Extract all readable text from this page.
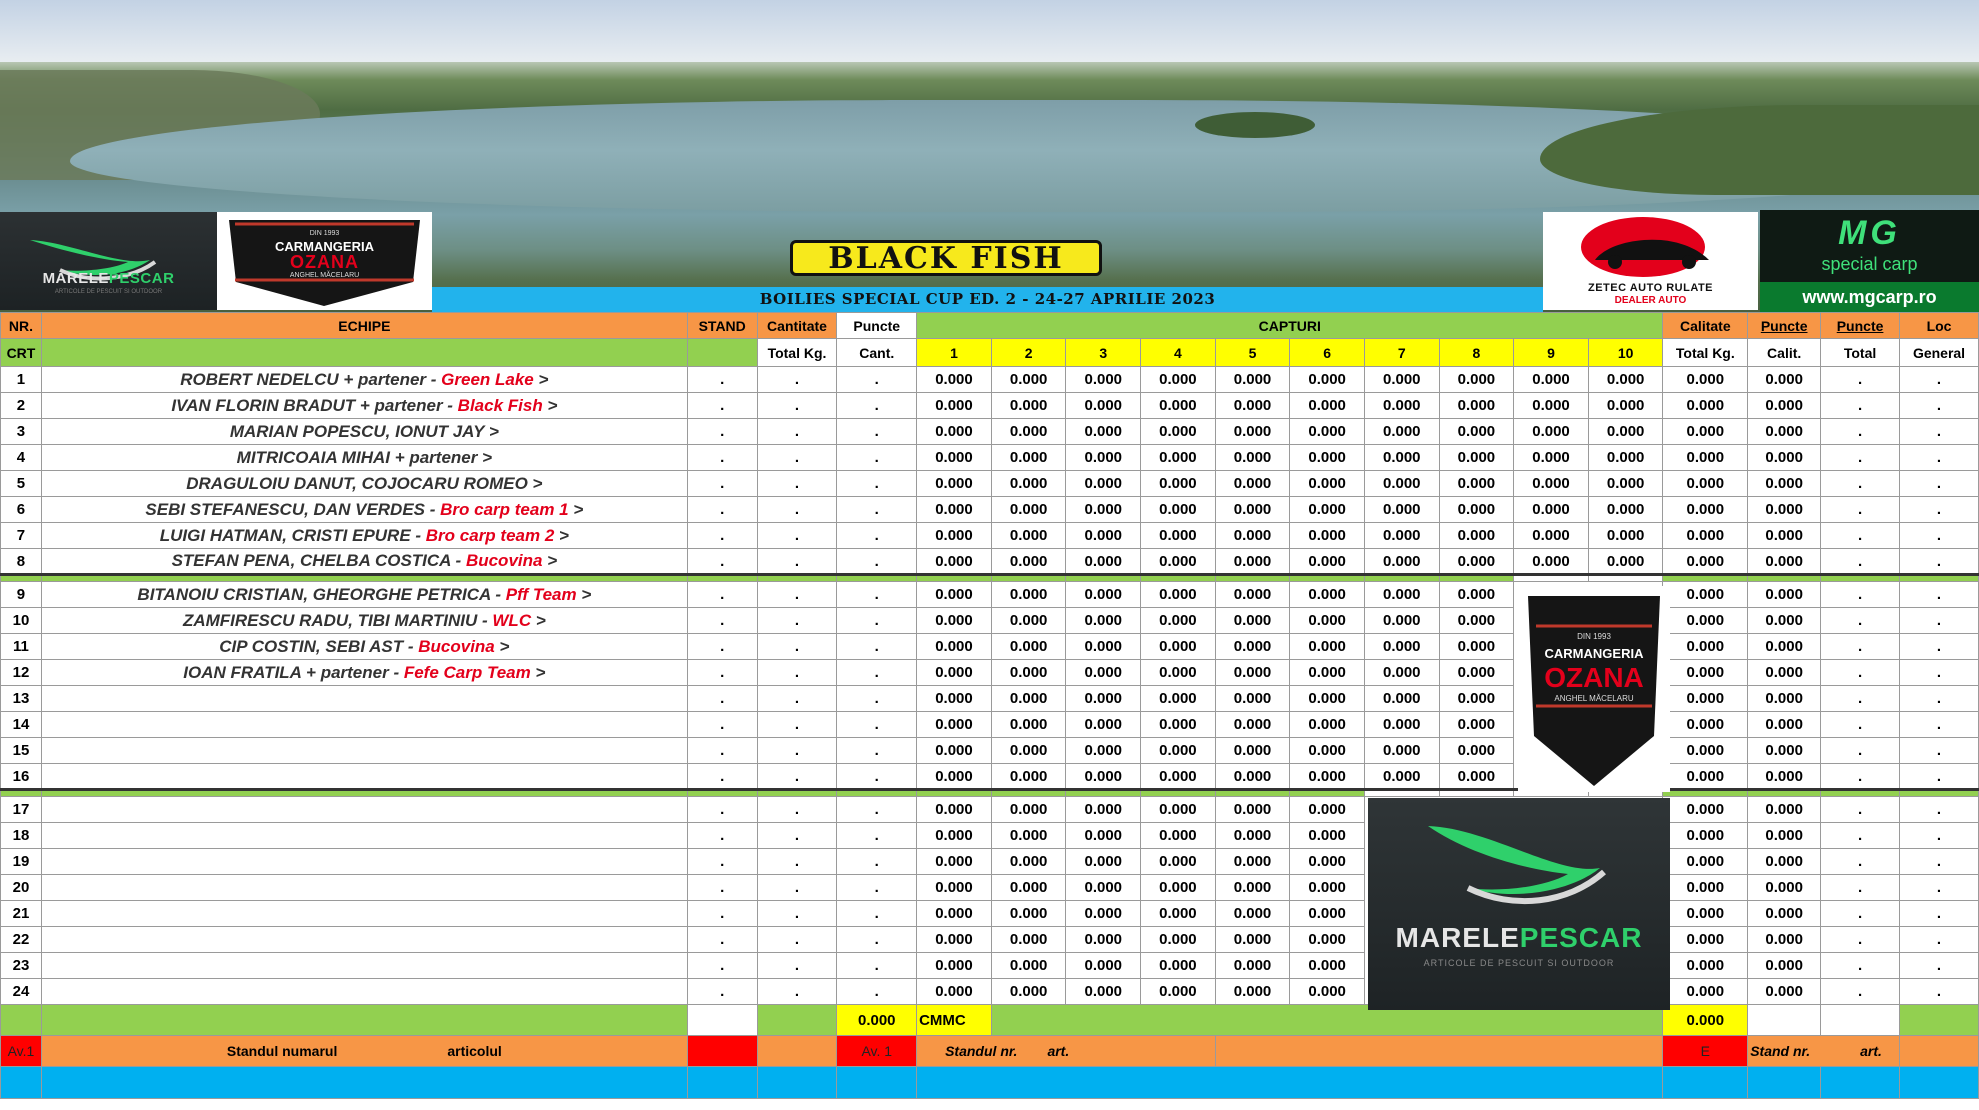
MARELEPESCAR
ARTICOLE DE PESCUIT SI OUTDOOR
DIN 1993
CARMANGERIA
OZANA
ANGHEL MĂCELARU	BLACK FISH
BOILIES SPECIAL CUP ED. 2 - 24-27 APRILIE 2023
ZETEC AUTO RULATE
DEALER AUTO
MG
special carp
www.mgcarp.ro
NR.	ECHIPE	STAND	Cantitate	Puncte	CAPTURI										Calitate	Puncte	Puncte	Loc
CRT			Total Kg.	Cant.	1	2	3	4	5	6	7	8	9	10	Total Kg.	Calit.	Total	General
1	ROBERT NEDELCU + partener - Green Lake >	.	.	.	0.000	0.000	0.000	0.000	0.000	0.000	0.000	0.000	0.000	0.000	0.000	0.000	.	.
2	IVAN FLORIN BRADUT + partener - Black Fish >	.	.	.	0.000	0.000	0.000	0.000	0.000	0.000	0.000	0.000	0.000	0.000	0.000	0.000	.	.
3	MARIAN POPESCU, IONUT JAY >	.	.	.	0.000	0.000	0.000	0.000	0.000	0.000	0.000	0.000	0.000	0.000	0.000	0.000	.	.
4	MITRICOAIA MIHAI + partener >	.	.	.	0.000	0.000	0.000	0.000	0.000	0.000	0.000	0.000	0.000	0.000	0.000	0.000	.	.
5	DRAGULOIU DANUT, COJOCARU ROMEO >	.	.	.	0.000	0.000	0.000	0.000	0.000	0.000	0.000	0.000	0.000	0.000	0.000	0.000	.	.
6	SEBI STEFANESCU, DAN VERDES - Bro carp team 1 >	.	.	.	0.000	0.000	0.000	0.000	0.000	0.000	0.000	0.000	0.000	0.000	0.000	0.000	.	.
7	LUIGI HATMAN, CRISTI EPURE - Bro carp team 2 >	.	.	.	0.000	0.000	0.000	0.000	0.000	0.000	0.000	0.000	0.000	0.000	0.000	0.000	.	.
8	STEFAN PENA, CHELBA COSTICA - Bucovina >	.	.	.	0.000	0.000	0.000	0.000	0.000	0.000	0.000	0.000	0.000	0.000	0.000	0.000	.	.

9	BITANOIU CRISTIAN, GHEORGHE PETRICA - Pff Team >	.	.	.	0.000	0.000	0.000	0.000	0.000	0.000	0.000	0.000			0.000	0.000	.	.
10	ZAMFIRESCU RADU, TIBI MARTINIU - WLC >	.	.	.	0.000	0.000	0.000	0.000	0.000	0.000	0.000	0.000			0.000	0.000	.	.
11	CIP COSTIN, SEBI AST - Bucovina >	.	.	.	0.000	0.000	0.000	0.000	0.000	0.000	0.000	0.000			0.000	0.000	.	.
12	IOAN FRATILA + partener - Fefe Carp Team >	.	.	.	0.000	0.000	0.000	0.000	0.000	0.000	0.000	0.000			0.000	0.000	.	.
13		.	.	.	0.000	0.000	0.000	0.000	0.000	0.000	0.000	0.000			0.000	0.000	.	.
14		.	.	.	0.000	0.000	0.000	0.000	0.000	0.000	0.000	0.000			0.000	0.000	.	.
15		.	.	.	0.000	0.000	0.000	0.000	0.000	0.000	0.000	0.000			0.000	0.000	.	.
16		.	.	.	0.000	0.000	0.000	0.000	0.000	0.000	0.000	0.000			0.000	0.000	.	.

17		.	.	.	0.000	0.000	0.000	0.000	0.000	0.000					0.000	0.000	.	.
18		.	.	.	0.000	0.000	0.000	0.000	0.000	0.000					0.000	0.000	.	.
19		.	.	.	0.000	0.000	0.000	0.000	0.000	0.000					0.000	0.000	.	.
20		.	.	.	0.000	0.000	0.000	0.000	0.000	0.000					0.000	0.000	.	.
21		.	.	.	0.000	0.000	0.000	0.000	0.000	0.000					0.000	0.000	.	.
22		.	.	.	0.000	0.000	0.000	0.000	0.000	0.000					0.000	0.000	.	.
23		.	.	.	0.000	0.000	0.000	0.000	0.000	0.000					0.000	0.000	.	.
24		.	.	.	0.000	0.000	0.000	0.000	0.000	0.000					0.000	0.000	.	.
				0.000	CMMC										0.000			
Av.1	Standul numarul articolul			Av. 1	Standul nr. art.										E	Stand nr. art.		

DIN 1993
CARMANGERIA
OZANA
ANGHEL MĂCELARU
MARELEPESCAR
ARTICOLE DE PESCUIT SI OUTDOOR
